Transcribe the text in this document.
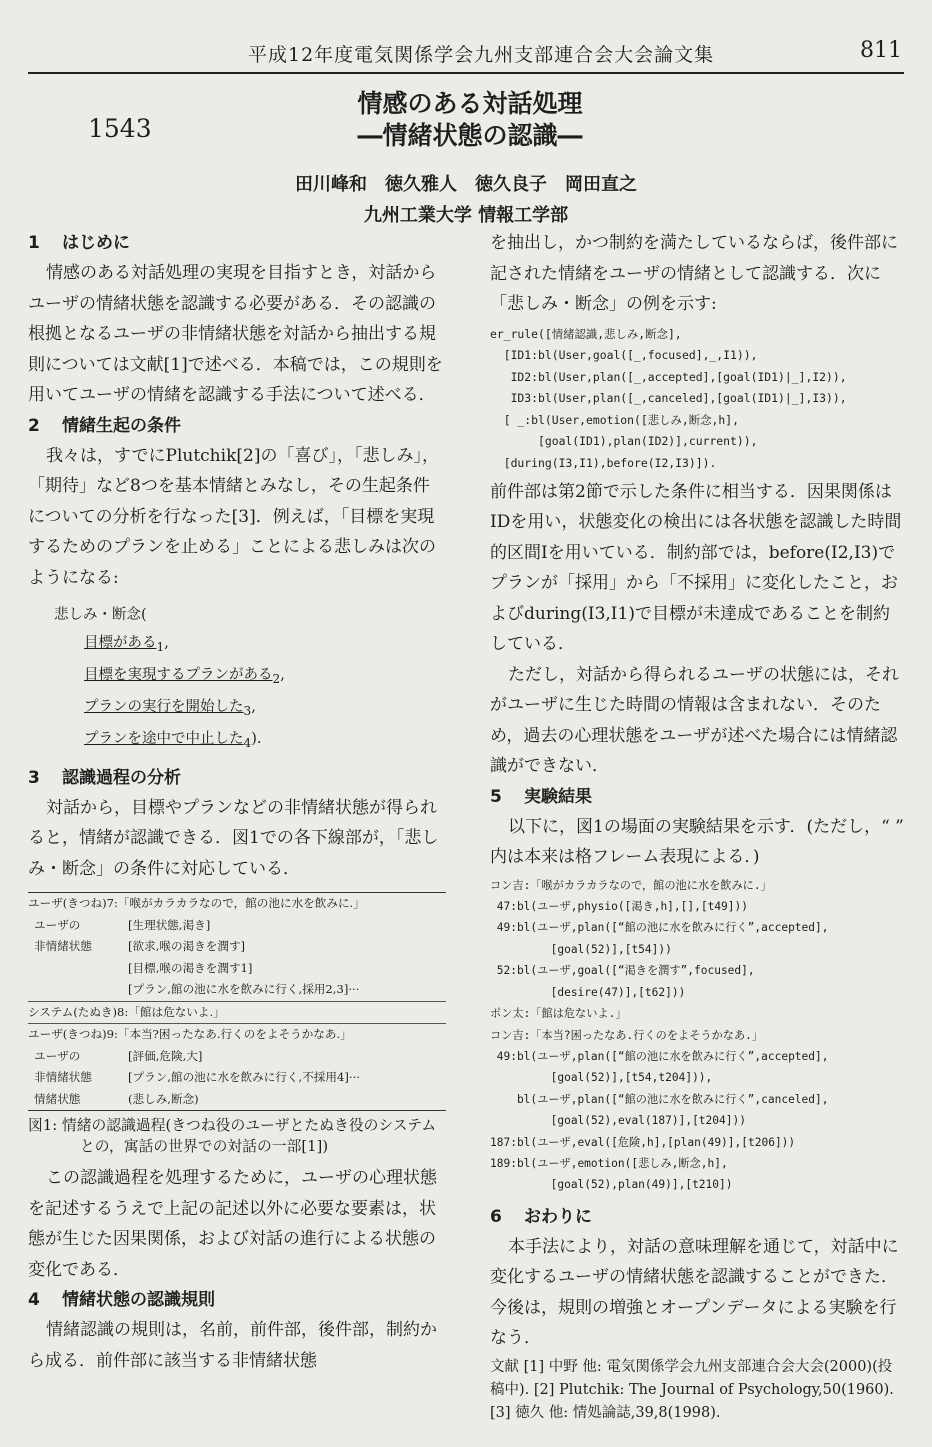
平成12年度電気関係学会九州支部連合会大会論文集	811
1543
情感のある対話処理
―情緒状態の認識―
田川峰和　徳久雅人　徳久良子　岡田直之
九州工業大学 情報工学部
1 はじめに

情感のある対話処理の実現を目指すとき，対話からユーザの情緒状態を認識する必要がある．その認識の根拠となるユーザの非情緒状態を対話から抽出する規則については文献[1]で述べる．本稿では，この規則を用いてユーザの情緒を認識する手法について述べる．

2 情緒生起の条件

我々は，すでにPlutchik[2]の「喜び」，「悲しみ」，「期待」など8つを基本情緒とみなし，その生起条件についての分析を行なった[3]．例えば，「目標を実現するためのプランを止める」ことによる悲しみは次のようになる:

悲しみ・断念(
目標がある$_1$,
目標を実現するプランがある$_2$,
プランの実行を開始した$_3$,
プランを途中で中止した$_4$).
3 認識過程の分析

対話から，目標やプランなどの非情緒状態が得られると，情緒が認識できる．図1での各下線部が，「悲しみ・断念」の条件に対応している．

ユーザ(きつね)7:「喉がカラカラなので，館の池に水を飲みに.」
ユーザの	[生理状態,渇き]
非情緒状態	[欲求,喉の渇きを潤す]
[目標,喉の渇きを潤す1]
[プラン,館の池に水を飲みに行く,採用2,3]···
システム(たぬき)8:「館は危ないよ.」
ユーザ(きつね)9:「本当?困ったなあ.行くのをよそうかなあ.」
ユーザの	[評価,危険,大]
非情緒状態	[プラン,館の池に水を飲みに行く,不採用4]···
情緒状態	(悲しみ,断念)

図1: 情緒の認識過程(きつね役のユーザとたぬき役のシステムとの，寓話の世界での対話の一部[1])

この認識過程を処理するために，ユーザの心理状態を記述するうえで上記の記述以外に必要な要素は，状態が生じた因果関係，および対話の進行による状態の変化である．

4 情緒状態の認識規則

情緒認識の規則は，名前，前件部，後件部，制約から成る．前件部に該当する非情緒状態

を抽出し，かつ制約を満たしているならば，後件部に記された情緒をユーザの情緒として認識する．次に「悲しみ・断念」の例を示す:

er_rule([情緒認識,悲しみ,断念],
[ID1:bl(User,goal([_,focused],_,I1)),
ID2:bl(User,plan([_,accepted],[goal(ID1)|_],I2)),
ID3:bl(User,plan([_,canceled],[goal(ID1)|_],I3)),
[ _:bl(User,emotion([悲しみ,断念,h],
[goal(ID1),plan(ID2)],current)),
[during(I3,I1),before(I2,I3)]).

前件部は第2節で示した条件に相当する．因果関係はIDを用い，状態変化の検出には各状態を認識した時間的区間Iを用いている．制約部では，before(I2,I3)でプランが「採用」から「不採用」に変化したこと，およびduring(I3,I1)で目標が未達成であることを制約している．

ただし，対話から得られるユーザの状態には，それがユーザに生じた時間の情報は含まれない．そのため，過去の心理状態をユーザが述べた場合には情緒認識ができない．

5 実験結果

以下に，図1の場面の実験結果を示す．(ただし，“ ” 内は本来は格フレーム表現による．)

コン吉:「喉がカラカラなので，館の池に水を飲みに.」
47:bl(ユーザ,physio([渇き,h],[],[t49]))
49:bl(ユーザ,plan([“館の池に水を飲みに行く”,accepted],
[goal(52)],[t54]))
52:bl(ユーザ,goal([“渇きを潤す”,focused],
[desire(47)],[t62]))
ポン太:「館は危ないよ.」
コン吉:「本当?困ったなあ.行くのをよそうかなあ.」
49:bl(ユーザ,plan([“館の池に水を飲みに行く”,accepted],
[goal(52)],[t54,t204])),
bl(ユーザ,plan([“館の池に水を飲みに行く”,canceled],
[goal(52),eval(187)],[t204]))
187:bl(ユーザ,eval([危険,h],[plan(49)],[t206]))
189:bl(ユーザ,emotion([悲しみ,断念,h],
[goal(52),plan(49)],[t210])
6 おわりに

本手法により，対話の意味理解を通じて，対話中に変化するユーザの情緒状態を認識することができた．今後は，規則の増強とオープンデータによる実験を行なう．

文献 [1] 中野 他: 電気関係学会九州支部連合会大会(2000)(投稿中). [2] Plutchik: The Journal of Psychology,50(1960). [3] 徳久 他: 情処論誌,39,8(1998).
